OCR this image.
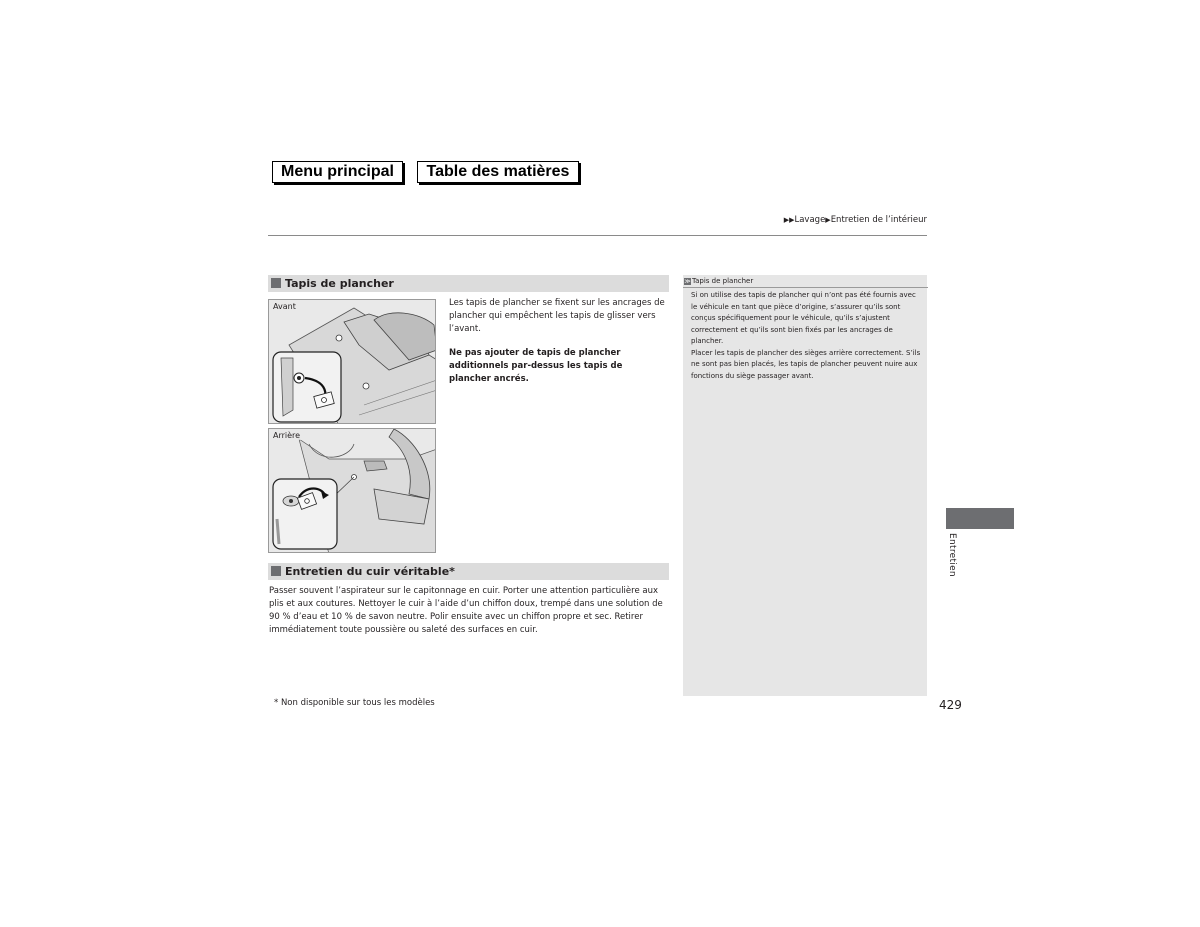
Menu principal	Table des matières
▶▶Lavage▶Entretien de l’intérieur
Tapis de plancher
Avant
Arrière
Les tapis de plancher se fixent sur les ancrages de plancher qui empêchent les tapis de glisser vers l’avant.
Ne pas ajouter de tapis de plancher additionnels par-dessus les tapis de plancher ancrés.
Entretien du cuir véritable*
Passer souvent l’aspirateur sur le capitonnage en cuir. Porter une attention particulière aux plis et aux coutures. Nettoyer le cuir à l’aide d’un chiffon doux, trempé dans une solution de 90 % d’eau et 10 % de savon neutre. Polir ensuite avec un chiffon propre et sec. Retirer immédiatement toute poussière ou saleté des surfaces en cuir.
≫Tapis de plancher
Si on utilise des tapis de plancher qui n’ont pas été fournis avec le véhicule en tant que pièce d’origine, s’assurer qu’ils sont conçus spécifiquement pour le véhicule, qu’ils s’ajustent correctement et qu’ils sont bien fixés par les ancrages de plancher.
Placer les tapis de plancher des sièges arrière correctement. S’ils ne sont pas bien placés, les tapis de plancher peuvent nuire aux fonctions du siège passager avant.
Entretien
* Non disponible sur tous les modèles	429
